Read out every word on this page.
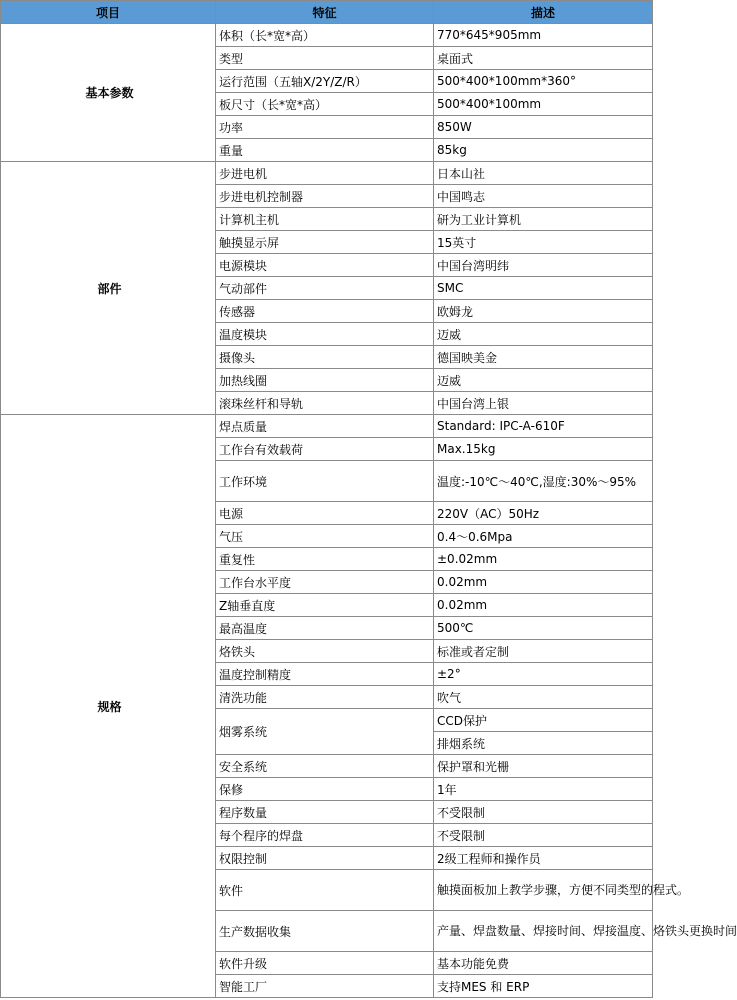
项目	特征	描述
基本参数	体积（长*宽*高）	770*645*905mm
	类型	桌面式
	运行范围（五轴X/2Y/Z/R）	500*400*100mm*360°
	板尺寸（长*宽*高）	500*400*100mm
	功率	850W
	重量	85kg
部件	步进电机	日本山社
	步进电机控制器	中国鸣志
	计算机主机	研为工业计算机
	触摸显示屏	15英寸
	电源模块	中国台湾明纬
	气动部件	SMC
	传感器	欧姆龙
	温度模块	迈威
	摄像头	德国映美金
	加热线圈	迈威
	滚珠丝杆和导轨	中国台湾上银
规格	焊点质量	Standard: IPC-A-610F
	工作台有效载荷	Max.15kg
	工作环境	温度:-10℃～40℃,湿度:30%～95%
	电源	220V（AC）50Hz
	气压	0.4～0.6Mpa
	重复性	±0.02mm
	工作台水平度	0.02mm
	Z轴垂直度	0.02mm
	最高温度	500℃
	烙铁头	标准或者定制
	温度控制精度	±2°
	清洗功能	吹气
	烟雾系统	CCD保护
		排烟系统
	安全系统	保护罩和光栅
	保修	1年
	程序数量	不受限制
	每个程序的焊盘	不受限制
	权限控制	2级工程师和操作员
	软件	触摸面板加上教学步骤，方便不同类型的程式。
	生产数据收集	产量、焊盘数量、焊接时间、焊接温度、烙铁头更换时间
	软件升级	基本功能免费
	智能工厂	支持MES 和 ERP
